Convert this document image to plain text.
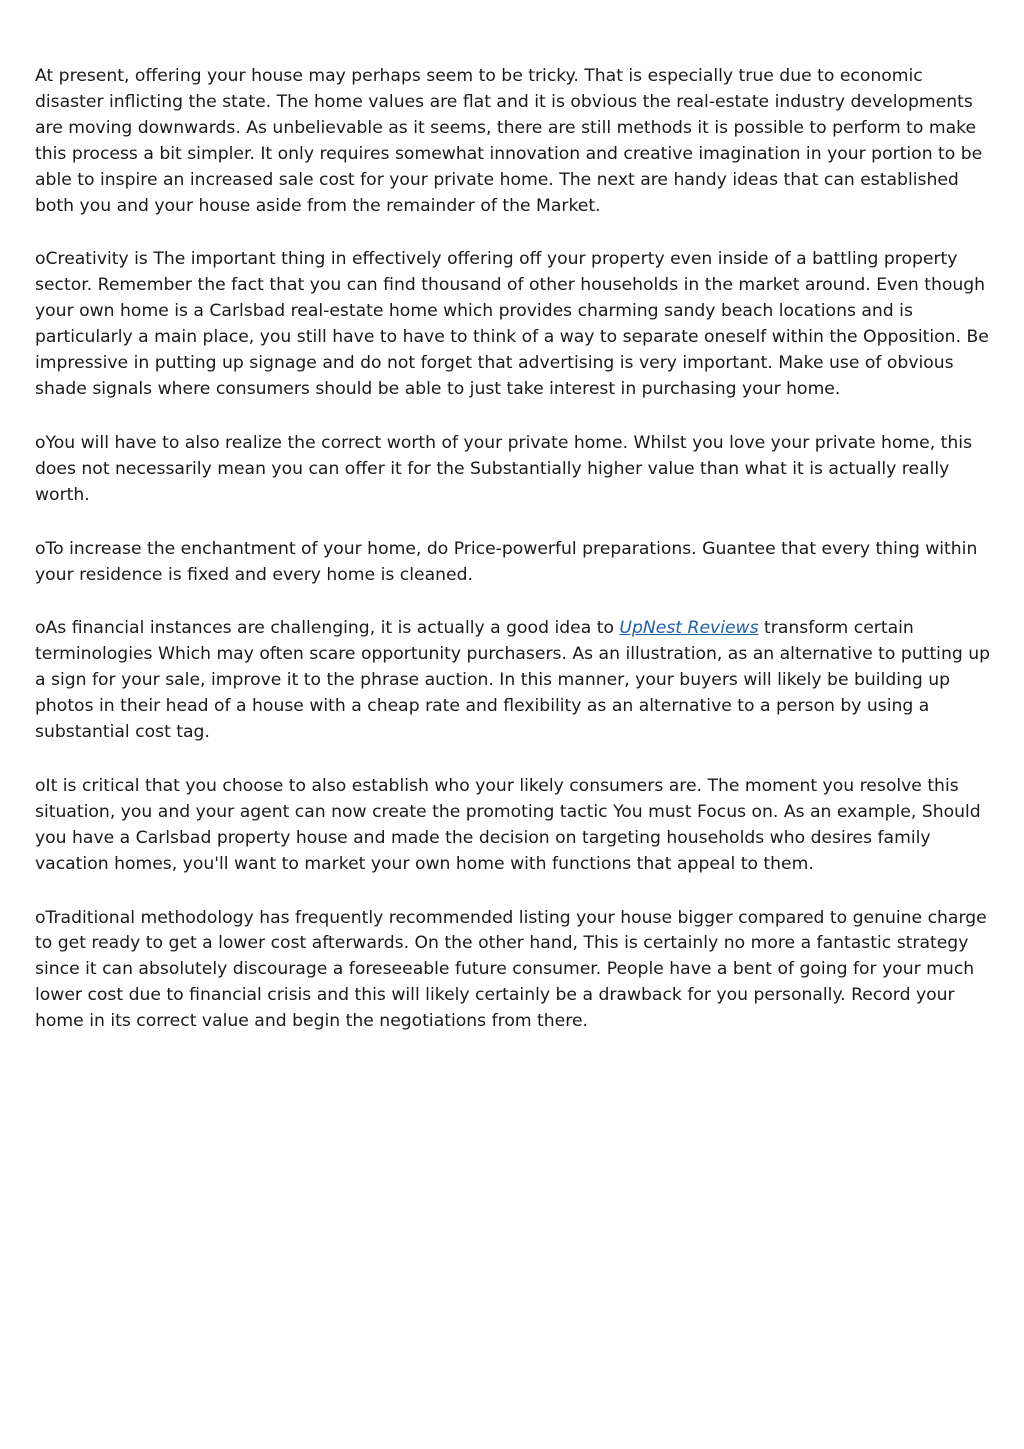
At present, offering your house may perhaps seem to be tricky. That is especially true due to economic disaster inflicting the state. The home values are flat and it is obvious the real-estate industry developments are moving downwards. As unbelievable as it seems, there are still methods it is possible to perform to make this process a bit simpler. It only requires somewhat innovation and creative imagination in your portion to be able to inspire an increased sale cost for your private home. The next are handy ideas that can established both you and your house aside from the remainder of the Market.

oCreativity is The important thing in effectively offering off your property even inside of a battling property sector. Remember the fact that you can find thousand of other households in the market around. Even though your own home is a Carlsbad real-estate home which provides charming sandy beach locations and is particularly a main place, you still have to have to think of a way to separate oneself within the Opposition. Be impressive in putting up signage and do not forget that advertising is very important. Make use of obvious shade signals where consumers should be able to just take interest in purchasing your home.

oYou will have to also realize the correct worth of your private home. Whilst you love your private home, this does not necessarily mean you can offer it for the Substantially higher value than what it is actually really worth.

oTo increase the enchantment of your home, do Price-powerful preparations. Guantee that every thing within your residence is fixed and every home is cleaned.

oAs financial instances are challenging, it is actually a good idea to UpNest Reviews transform certain terminologies Which may often scare opportunity purchasers. As an illustration, as an alternative to putting up a sign for your sale, improve it to the phrase auction. In this manner, your buyers will likely be building up photos in their head of a house with a cheap rate and flexibility as an alternative to a person by using a substantial cost tag.

oIt is critical that you choose to also establish who your likely consumers are. The moment you resolve this situation, you and your agent can now create the promoting tactic You must Focus on. As an example, Should you have a Carlsbad property house and made the decision on targeting households who desires family vacation homes, you'll want to market your own home with functions that appeal to them.

oTraditional methodology has frequently recommended listing your house bigger compared to genuine charge to get ready to get a lower cost afterwards. On the other hand, This is certainly no more a fantastic strategy since it can absolutely discourage a foreseeable future consumer. People have a bent of going for your much lower cost due to financial crisis and this will likely certainly be a drawback for you personally. Record your home in its correct value and begin the negotiations from there.
